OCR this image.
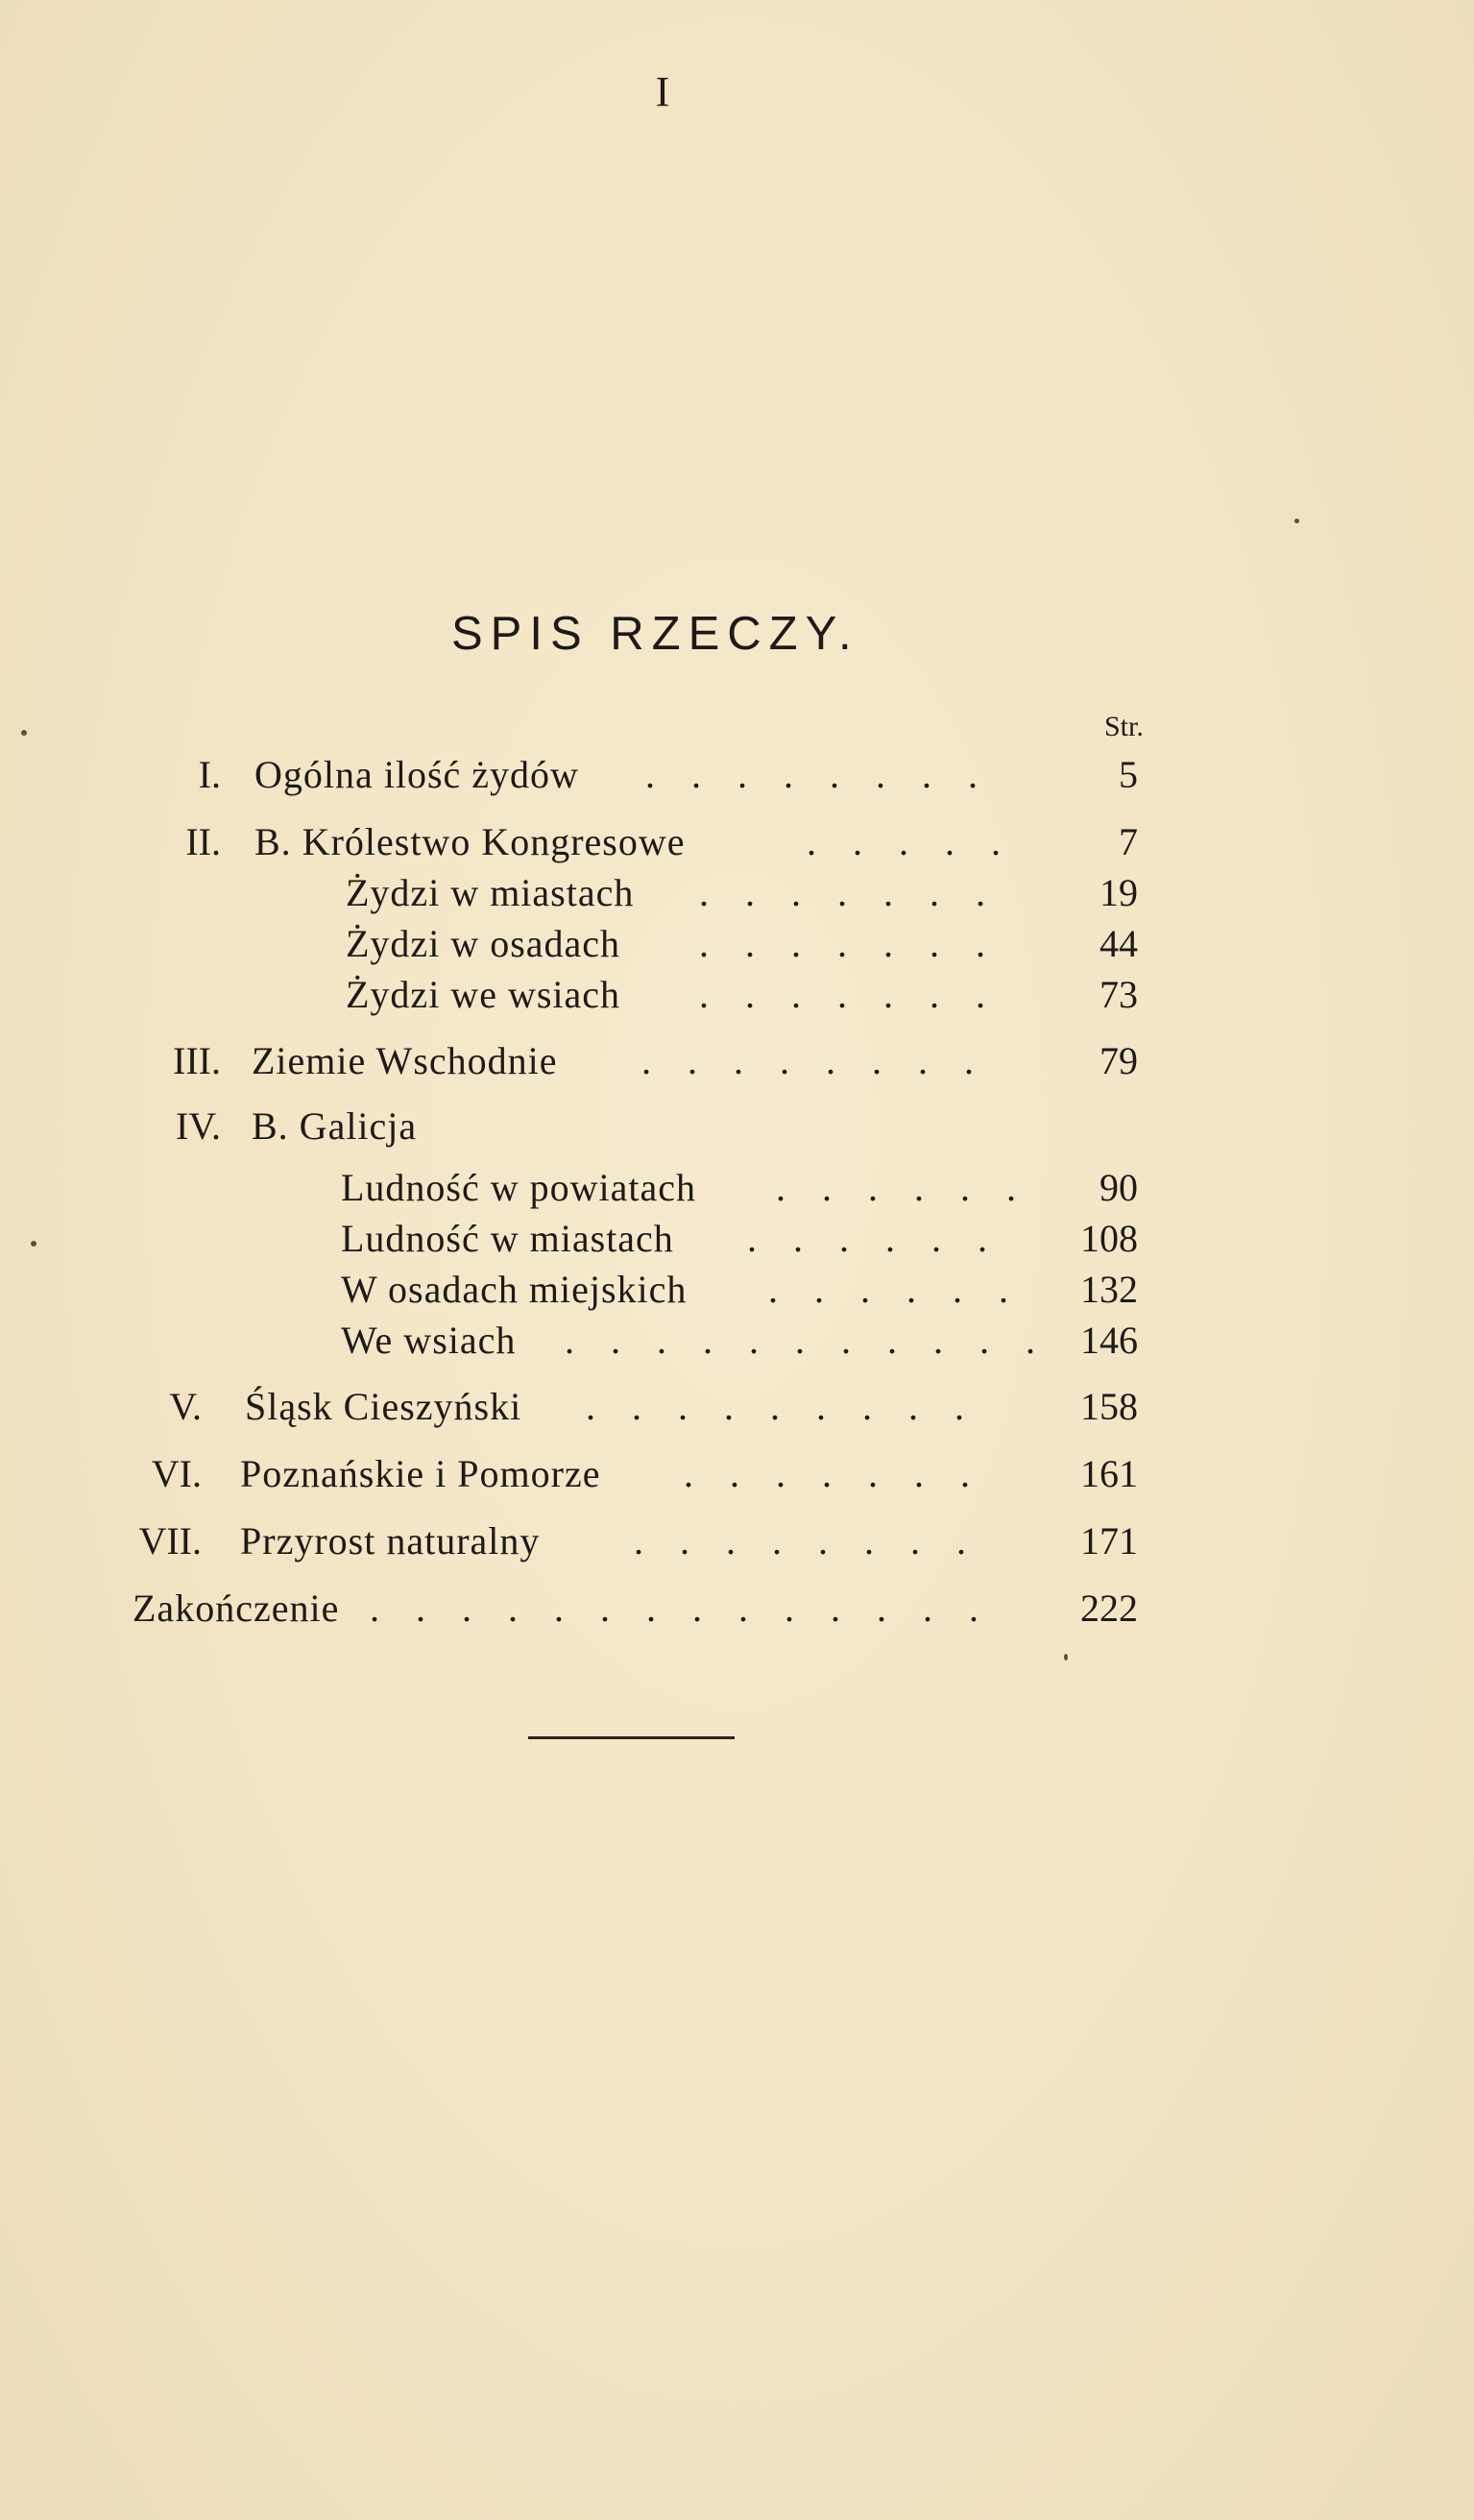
I
SPIS RZECZY.
Str.
I. Ogólna ilość żydów . . . . . . . .	5
II. B. Królestwo Kongresowe	. . . . .	7
Żydzi w miastach . . . . . . .	19
Żydzi w osadach . . . . . . .	44
Żydzi we wsiach . . . . . . .	73
III. Ziemie Wschodnie . . . . . . . .	79
IV. B. Galicja
Ludność w powiatach . . . . . .	90
Ludność w miastach . . . . . .	108
W osadach miejskich . . . . . .	132
We wsiach . . . . . . . . . . . 146
V. Śląsk Cieszyński . . . . . . . . .	158
VI. Poznańskie i Pomorze . . . . . . .	161
VII. Przyrost naturalny . . . . . . . .	171
Zakończenie . . . . . . . . . . . . . .	222
